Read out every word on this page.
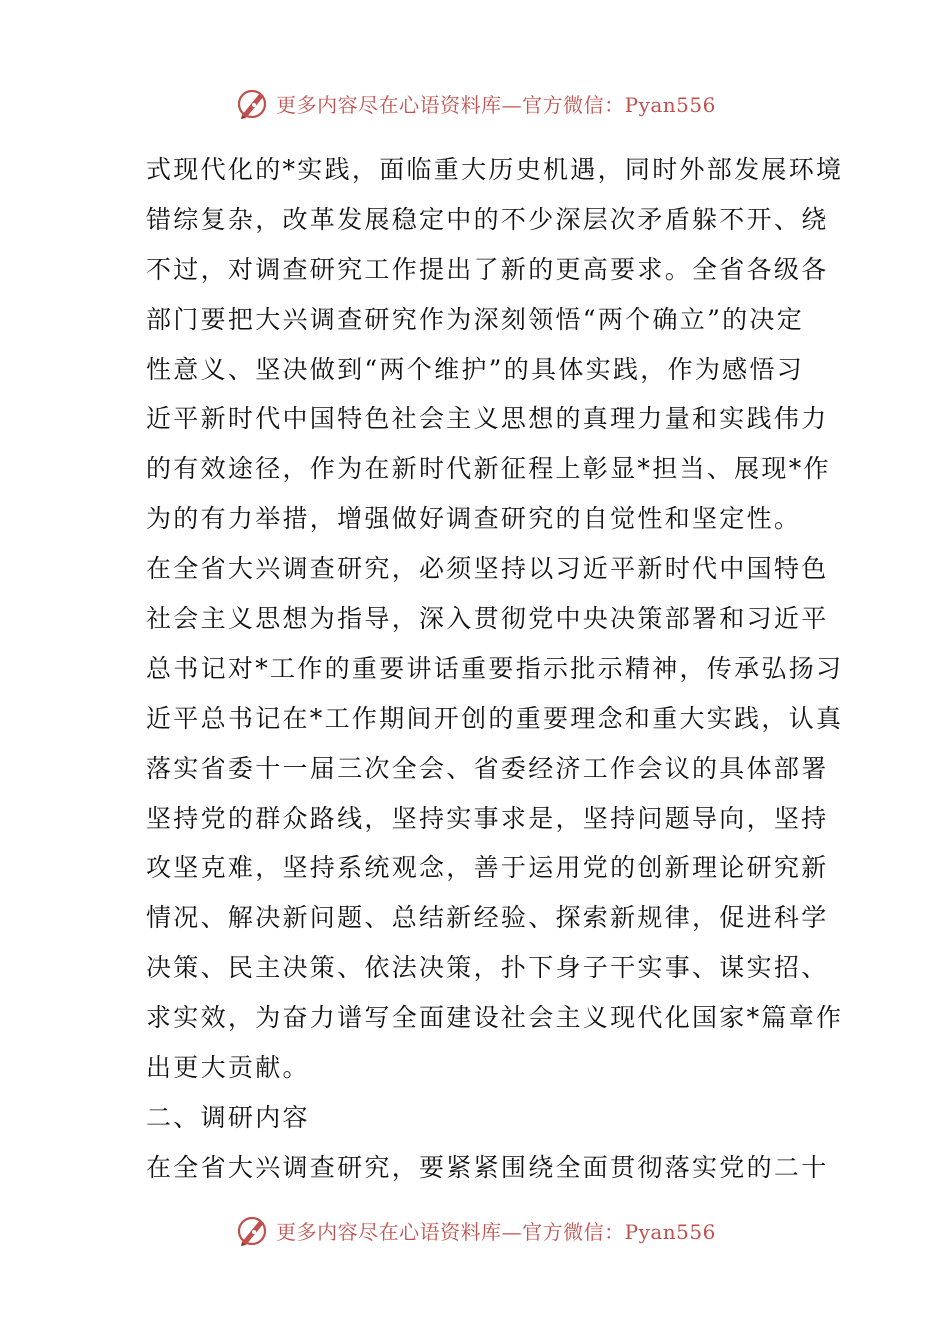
更多内容尽在心语资料库—官方微信：Pyan556
式现代化的*实践，面临重大历史机遇，同时外部发展环境
错综复杂，改革发展稳定中的不少深层次矛盾躲不开、绕
不过，对调查研究工作提出了新的更高要求。全省各级各
部门要把大兴调查研究作为深刻领悟“两个确立”的决定
性意义、坚决做到“两个维护”的具体实践，作为感悟习
近平新时代中国特色社会主义思想的真理力量和实践伟力
的有效途径，作为在新时代新征程上彰显*担当、展现*作
为的有力举措，增强做好调查研究的自觉性和坚定性。
在全省大兴调查研究，必须坚持以习近平新时代中国特色
社会主义思想为指导，深入贯彻党中央决策部署和习近平
总书记对*工作的重要讲话重要指示批示精神，传承弘扬习
近平总书记在*工作期间开创的重要理念和重大实践，认真
落实省委十一届三次全会、省委经济工作会议的具体部署
坚持党的群众路线，坚持实事求是，坚持问题导向，坚持
攻坚克难，坚持系统观念，善于运用党的创新理论研究新
情况、解决新问题、总结新经验、探索新规律，促进科学
决策、民主决策、依法决策，扑下身子干实事、谋实招、
求实效，为奋力谱写全面建设社会主义现代化国家*篇章作
出更大贡献。
二、调研内容
在全省大兴调查研究，要紧紧围绕全面贯彻落实党的二十
更多内容尽在心语资料库—官方微信：Pyan556
